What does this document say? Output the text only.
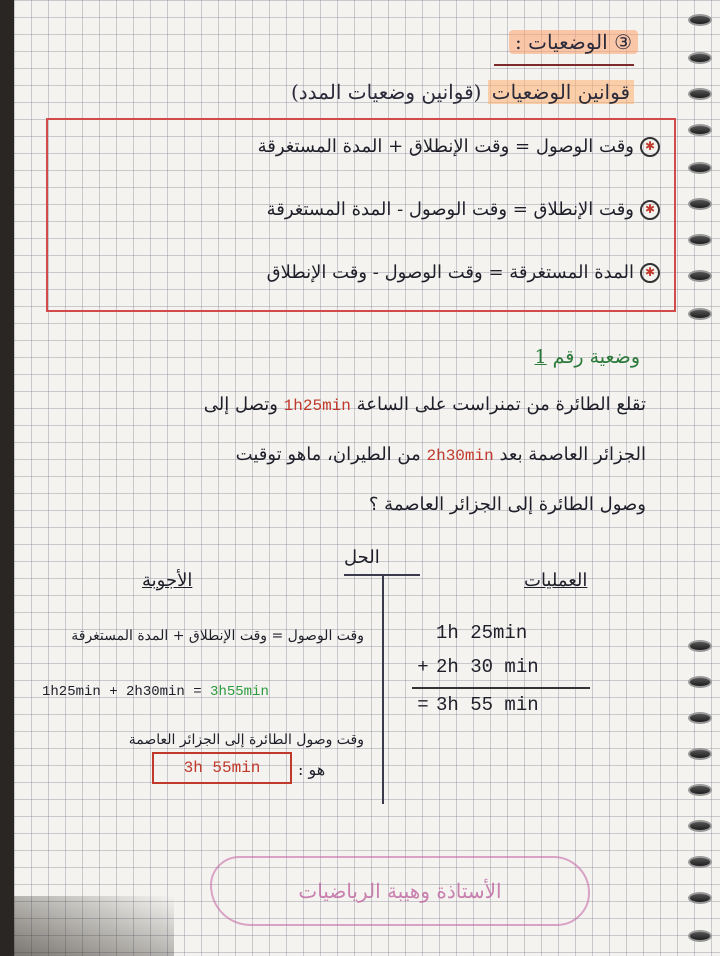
③ الوضعيات :
قوانين الوضعيات (قوانين وضعيات المدد)
✱
وقت الوصول = وقت الإنطلاق + المدة المستغرقة
✱
وقت الإنطلاق = وقت الوصول - المدة المستغرقة
✱
المدة المستغرقة = وقت الوصول - وقت الإنطلاق
وضعية رقم 1
تقلع الطائرة من تمنراست على الساعة 1h25min وتصل إلى
الجزائر العاصمة بعد 2h30min من الطيران، ماهو توقيت
وصول الطائرة إلى الجزائر العاصمة ؟
الحل
الأجوبة	العمليات
1h 25min
+ 2h 30 min
= 3h 55 min
وقت الوصول = وقت الإنطلاق + المدة المستغرقة
1h25min + 2h30min = 3h55min
وقت وصول الطائرة إلى الجزائر العاصمة
هو :
3h 55min
الأستاذة وهيبة الرياضيات
